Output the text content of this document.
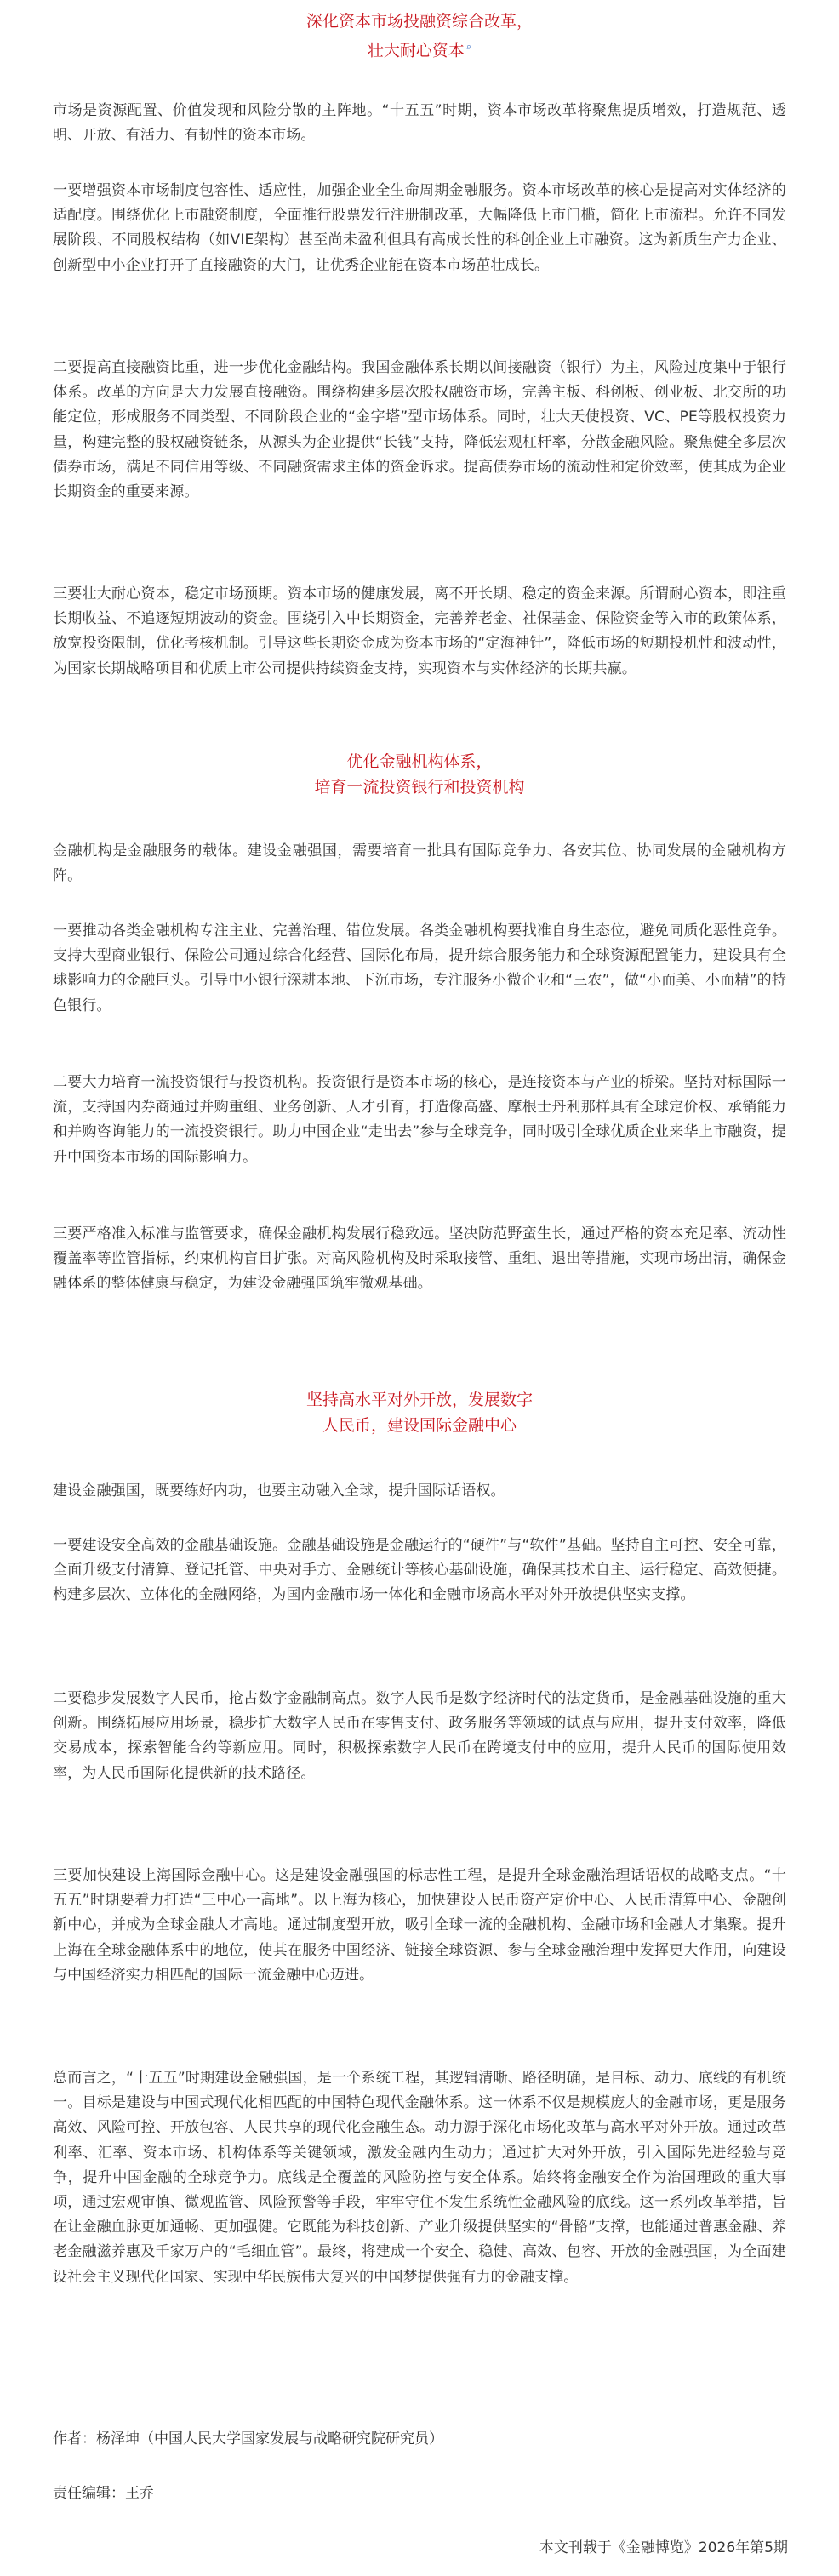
深化资本市场投融资综合改革，
壮大耐心资本 ⌕

市场是资源配置、价值发现和风险分散的主阵地。“十五五”时期，资本市场改革将聚焦提质增效，打造规范、透明、开放、有活力、有韧性的资本市场。

一要增强资本市场制度包容性、适应性，加强企业全生命周期金融服务。资本市场改革的核心是提高对实体经济的适配度。围绕优化上市融资制度，全面推行股票发行注册制改革，大幅降低上市门槛，简化上市流程。允许不同发展阶段、不同股权结构（如VIE架构）甚至尚未盈利但具有高成长性的科创企业上市融资。这为新质生产力企业、创新型中小企业打开了直接融资的大门，让优秀企业能在资本市场茁壮成长。

二要提高直接融资比重，进一步优化金融结构。我国金融体系长期以间接融资（银行）为主，风险过度集中于银行体系。改革的方向是大力发展直接融资。围绕构建多层次股权融资市场，完善主板、科创板、创业板、北交所的功能定位，形成服务不同类型、不同阶段企业的“金字塔”型市场体系。同时，壮大天使投资、VC、PE等股权投资力量，构建完整的股权融资链条，从源头为企业提供“长钱”支持，降低宏观杠杆率，分散金融风险。聚焦健全多层次债券市场，满足不同信用等级、不同融资需求主体的资金诉求。提高债券市场的流动性和定价效率，使其成为企业长期资金的重要来源。

三要壮大耐心资本，稳定市场预期。资本市场的健康发展，离不开长期、稳定的资金来源。所谓耐心资本，即注重长期收益、不追逐短期波动的资金。围绕引入中长期资金，完善养老金、社保基金、保险资金等入市的政策体系，放宽投资限制，优化考核机制。引导这些长期资金成为资本市场的“定海神针”，降低市场的短期投机性和波动性，为国家长期战略项目和优质上市公司提供持续资金支持，实现资本与实体经济的长期共赢。

优化金融机构体系，
培育一流投资银行和投资机构

金融机构是金融服务的载体。建设金融强国，需要培育一批具有国际竞争力、各安其位、协同发展的金融机构方阵。

一要推动各类金融机构专注主业、完善治理、错位发展。各类金融机构要找准自身生态位，避免同质化恶性竞争。支持大型商业银行、保险公司通过综合化经营、国际化布局，提升综合服务能力和全球资源配置能力，建设具有全球影响力的金融巨头。引导中小银行深耕本地、下沉市场，专注服务小微企业和“三农”，做“小而美、小而精”的特色银行。

二要大力培育一流投资银行与投资机构。投资银行是资本市场的核心，是连接资本与产业的桥梁。坚持对标国际一流，支持国内券商通过并购重组、业务创新、人才引育，打造像高盛、摩根士丹利那样具有全球定价权、承销能力和并购咨询能力的一流投资银行。助力中国企业“走出去”参与全球竞争，同时吸引全球优质企业来华上市融资，提升中国资本市场的国际影响力。

三要严格准入标准与监管要求，确保金融机构发展行稳致远。坚决防范野蛮生长，通过严格的资本充足率、流动性覆盖率等监管指标，约束机构盲目扩张。对高风险机构及时采取接管、重组、退出等措施，实现市场出清，确保金融体系的整体健康与稳定，为建设金融强国筑牢微观基础。

坚持高水平对外开放，发展数字
人民币，建设国际金融中心

建设金融强国，既要练好内功，也要主动融入全球，提升国际话语权。

一要建设安全高效的金融基础设施。金融基础设施是金融运行的“硬件”与“软件”基础。坚持自主可控、安全可靠，全面升级支付清算、登记托管、中央对手方、金融统计等核心基础设施，确保其技术自主、运行稳定、高效便捷。构建多层次、立体化的金融网络，为国内金融市场一体化和金融市场高水平对外开放提供坚实支撑。

二要稳步发展数字人民币，抢占数字金融制高点。数字人民币是数字经济时代的法定货币，是金融基础设施的重大创新。围绕拓展应用场景，稳步扩大数字人民币在零售支付、政务服务等领域的试点与应用，提升支付效率，降低交易成本，探索智能合约等新应用。同时，积极探索数字人民币在跨境支付中的应用，提升人民币的国际使用效率，为人民币国际化提供新的技术路径。

三要加快建设上海国际金融中心。这是建设金融强国的标志性工程，是提升全球金融治理话语权的战略支点。“十五五”时期要着力打造“三中心一高地”。以上海为核心，加快建设人民币资产定价中心、人民币清算中心、金融创新中心，并成为全球金融人才高地。通过制度型开放，吸引全球一流的金融机构、金融市场和金融人才集聚。提升上海在全球金融体系中的地位，使其在服务中国经济、链接全球资源、参与全球金融治理中发挥更大作用，向建设与中国经济实力相匹配的国际一流金融中心迈进。

总而言之，“十五五”时期建设金融强国，是一个系统工程，其逻辑清晰、路径明确，是目标、动力、底线的有机统一。目标是建设与中国式现代化相匹配的中国特色现代金融体系。这一体系不仅是规模庞大的金融市场，更是服务高效、风险可控、开放包容、人民共享的现代化金融生态。动力源于深化市场化改革与高水平对外开放。通过改革利率、汇率、资本市场、机构体系等关键领域，激发金融内生动力；通过扩大对外开放，引入国际先进经验与竞争，提升中国金融的全球竞争力。底线是全覆盖的风险防控与安全体系。始终将金融安全作为治国理政的重大事项，通过宏观审慎、微观监管、风险预警等手段，牢牢守住不发生系统性金融风险的底线。这一系列改革举措，旨在让金融血脉更加通畅、更加强健。它既能为科技创新、产业升级提供坚实的“骨骼”支撑，也能通过普惠金融、养老金融滋养惠及千家万户的“毛细血管”。最终，将建成一个安全、稳健、高效、包容、开放的金融强国，为全面建设社会主义现代化国家、实现中华民族伟大复兴的中国梦提供强有力的金融支撑。

作者：杨泽坤（中国人民大学国家发展与战略研究院研究员）
责任编辑：王乔
本文刊载于《金融博览》2026年第5期
